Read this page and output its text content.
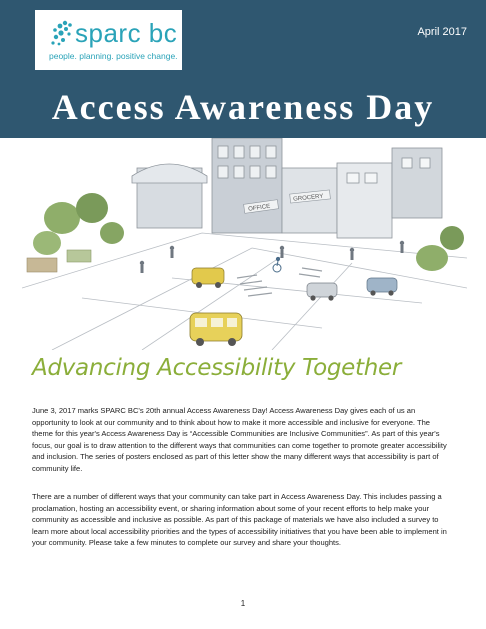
sparc bc
people. planning. positive change.
April 2017
Access Awareness Day
OFFICE
GROCERY
Advancing Accessibility Together

June 3, 2017 marks SPARC BC's 20th annual Access Awareness Day! Access Awareness Day gives each of us an opportunity to look at our community and to think about how to make it more accessible and inclusive for everyone. The theme for this year's Access Awareness Day is “Accessible Communities are Inclusive Communities”. As part of this year's focus, our goal is to draw attention to the different ways that communities can come together to promote greater accessibility and inclusion. The series of posters enclosed as part of this letter show the many different ways that accessibility is part of community life.

There are a number of different ways that your community can take part in Access Awareness Day. This includes passing a proclamation, hosting an accessibility event, or sharing information about some of your recent efforts to help make your community as accessible and inclusive as possible. As part of this package of materials we have also included a survey to learn more about local accessibility priorities and the types of accessibility initiatives that you have been able to implement in your community. Please take a few minutes to complete our survey and share your thoughts.

1
